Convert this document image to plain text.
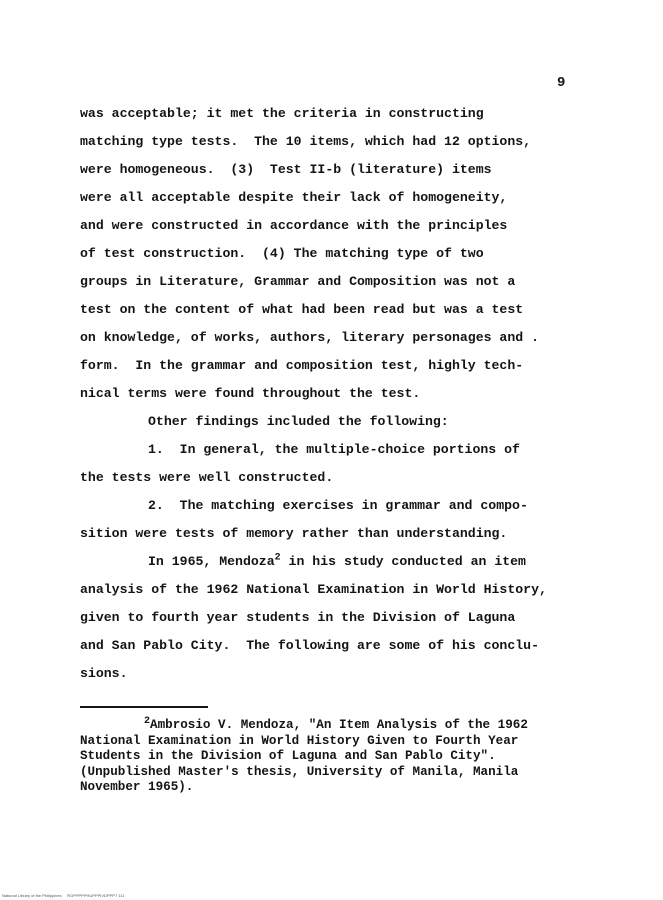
9
was acceptable; it met the criteria in constructing
matching type tests.  The 10 items, which had 12 options,
were homogeneous.  (3)  Test II-b (literature) items
were all acceptable despite their lack of homogeneity,
and were constructed in accordance with the principles
of test construction.  (4) The matching type of two
groups in Literature, Grammar and Composition was not a
test on the content of what had been read but was a test
on knowledge, of works, authors, literary personages and .
form.  In the grammar and composition test, highly tech-
nical terms were found throughout the test.
Other findings included the following:
1.  In general, the multiple-choice portions of
the tests were well constructed.
2.  The matching exercises in grammar and compo-
sition were tests of memory rather than understanding.
In 1965, Mendoza$^2$ in his study conducted an item
analysis of the 1962 National Examination in World History,
given to fourth year students in the Division of Laguna
and San Pablo City.  The following are some of his conclu-
sions.
$^2$Ambrosio V. Mendoza, "An Item Analysis of the 1962
National Examination in World History Given to Fourth Year
Students in the Division of Laguna and San Pablo City".
(Unpublished Master's thesis, University of Manila, Manila
November 1965).
National Library of the Philippines     ROPPPPPHUPPPIVDPPP7 111
